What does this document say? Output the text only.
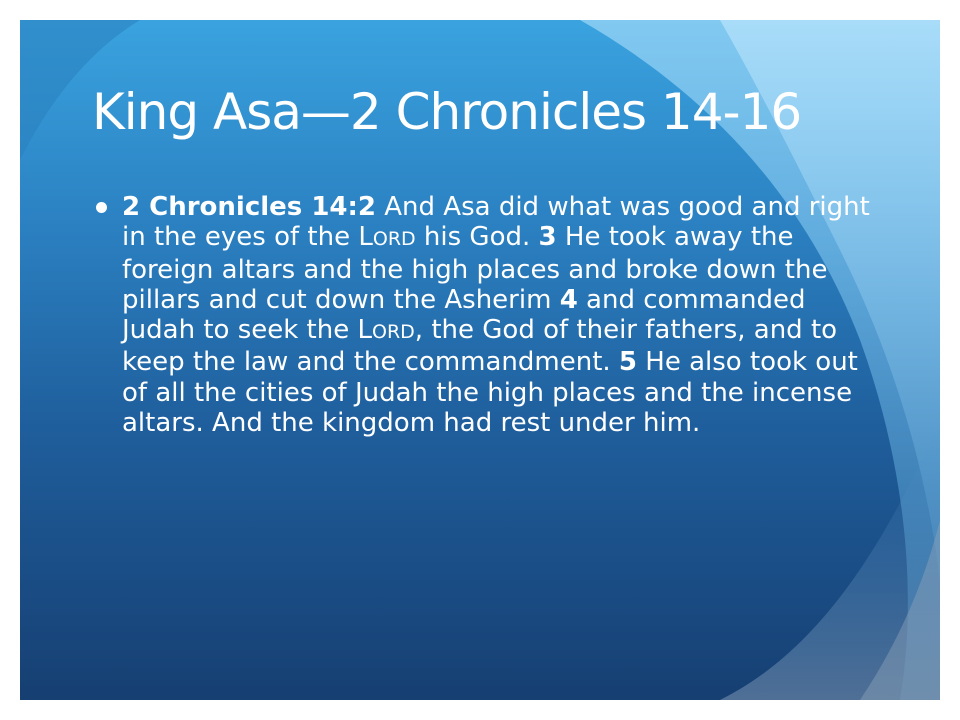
King Asa—2 Chronicles 14-16
2 Chronicles 14:2 And Asa did what was good and right in the eyes of the LORD his God. 3 He took away the foreign altars and the high places and broke down the pillars and cut down the Asherim 4 and commanded Judah to seek the LORD, the God of their fathers, and to keep the law and the commandment. 5 He also took out of all the cities of Judah the high places and the incense altars. And the kingdom had rest under him.
